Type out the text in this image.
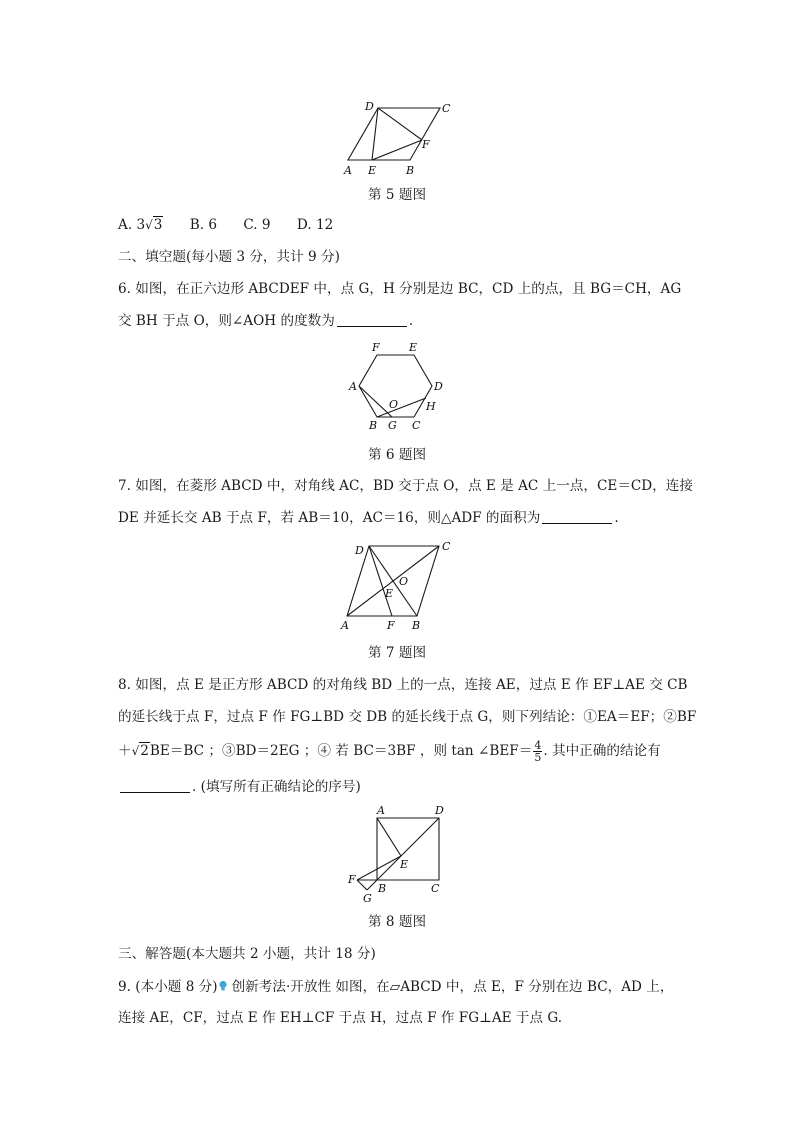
D	C
F
A E	B
第 5 题图
A. 3√3 B. 6 C. 9 D. 12
二、填空题(每小题 3 分，共计 9 分)
6. 如图，在正六边形 ABCDEF 中，点 G，H 分别是边 BC，CD 上的点，且 BG＝CH，AG
交 BH 于点 O，则∠AOH 的度数为	.
F	E
A	D
O	H
B G C
第 6 题图
7. 如图，在菱形 ABCD 中，对角线 AC，BD 交于点 O，点 E 是 AC 上一点，CE＝CD，连接
DE 并延长交 AB 于点 F，若 AB＝10，AC＝16，则△ADF 的面积为	.
D	C
O
E
A	F B
第 7 题图
8. 如图，点 E 是正方形 ABCD 的对角线 BD 上的一点，连接 AE，过点 E 作 EF⊥AE 交 CB
的延长线于点 F，过点 F 作 FG⊥BD 交 DB 的延长线于点 G，则下列结论：①EA＝EF；②BF
＋√2BE＝BC ；③BD＝2EG ；④ 若 BC＝3BF ，则 tan ∠BEF＝ $\frac{4}{5}$ . 其中正确的结论有
. (填写所有正确结论的序号)
A	D
E
F
B	C
G
第 8 题图
三、解答题(本大题共 2 小题，共计 18 分)
9. (本小题 8 分) 创新考法·开放性 如图，在▱ABCD 中，点 E，F 分别在边 BC，AD 上，
连接 AE，CF，过点 E 作 EH⊥CF 于点 H，过点 F 作 FG⊥AE 于点 G.
